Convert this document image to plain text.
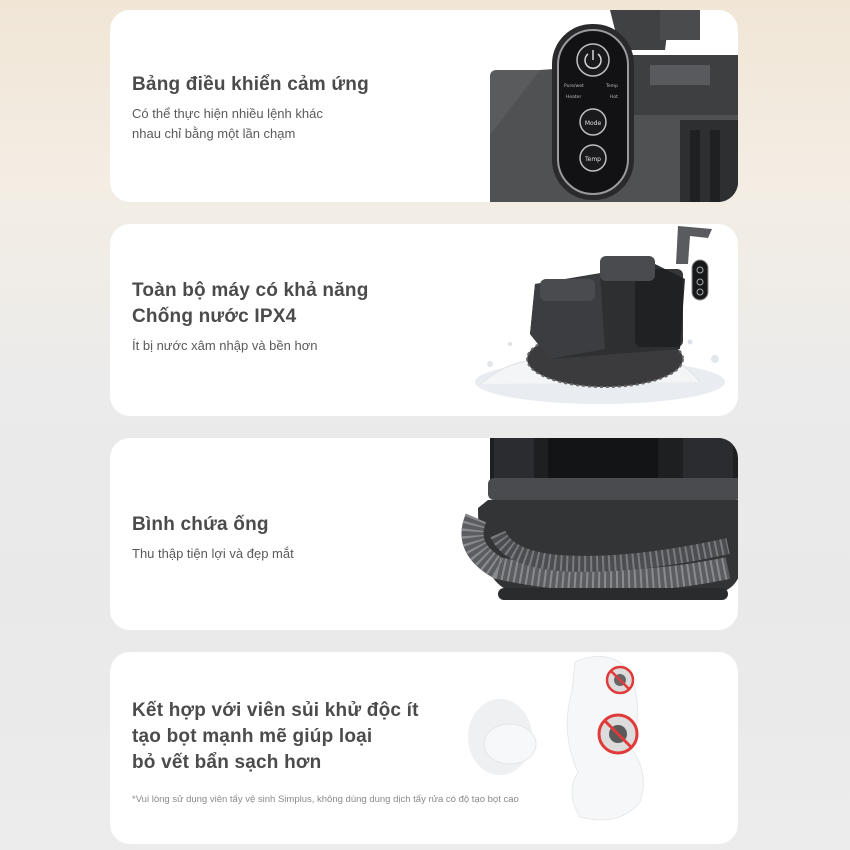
Bảng điều khiển cảm ứng

Có thể thực hiện nhiều lệnh khác
nhau chỉ bằng một lần chạm

Pure/wet	Temp
Heater	Hot
Mode
Temp
Toàn bộ máy có khả năng
Chống nước IPX4

Ít bị nước xâm nhập và bền hơn

Bình chứa ống

Thu thập tiện lợi và đẹp mắt

Kết hợp với viên sủi khử độc ít
tạo bọt mạnh mẽ giúp loại
bỏ vết bẩn sạch hơn

*Vui lòng sử dụng viên tẩy vệ sinh Simplus, không dùng dung dịch tẩy rửa có độ tạo bọt cao
